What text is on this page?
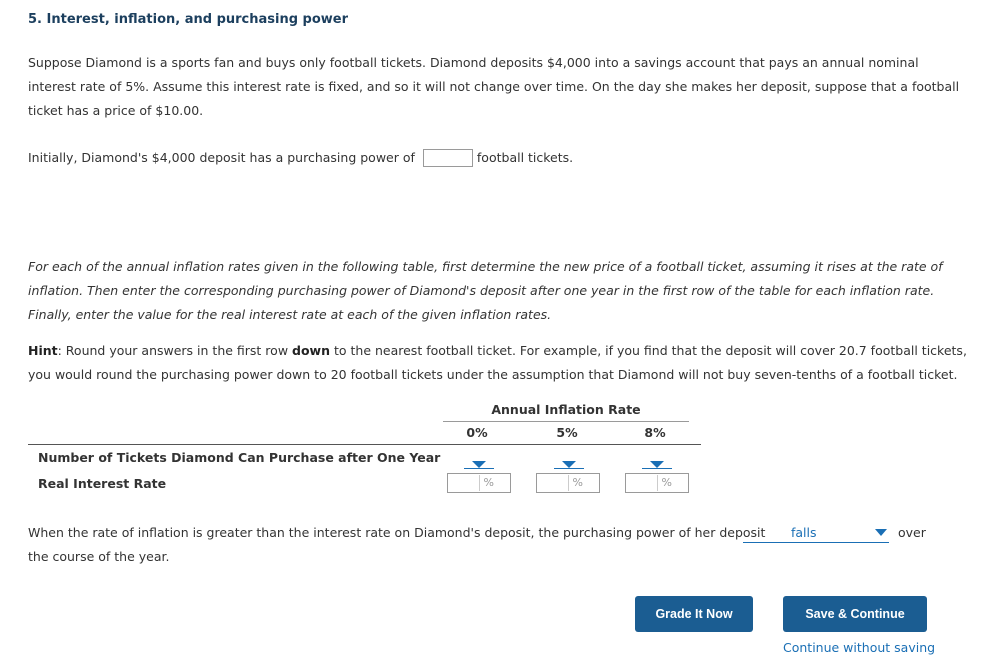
5. Interest, inflation, and purchasing power
Suppose Diamond is a sports fan and buys only football tickets. Diamond deposits $4,000 into a savings account that pays an annual nominal interest rate of 5%. Assume this interest rate is fixed, and so it will not change over time. On the day she makes her deposit, suppose that a football ticket has a price of $10.00.
Initially, Diamond's $4,000 deposit has a purchasing power of	football tickets.
For each of the annual inflation rates given in the following table, first determine the new price of a football ticket, assuming it rises at the rate of inflation. Then enter the corresponding purchasing power of Diamond's deposit after one year in the first row of the table for each inflation rate. Finally, enter the value for the real interest rate at each of the given inflation rates.
Hint: Round your answers in the first row down to the nearest football ticket. For example, if you find that the deposit will cover 20.7 football tickets, you would round the purchasing power down to 20 football tickets under the assumption that Diamond will not buy seven-tenths of a football ticket.
Annual Inflation Rate
0%	5%	8%
Number of Tickets Diamond Can Purchase after One Year
Real Interest Rate	%	%	%
When the rate of inflation is greater than the interest rate on Diamond's deposit, the purchasing power of her deposit falls	over
the course of the year.
Grade It Now	Save & Continue
Continue without saving
